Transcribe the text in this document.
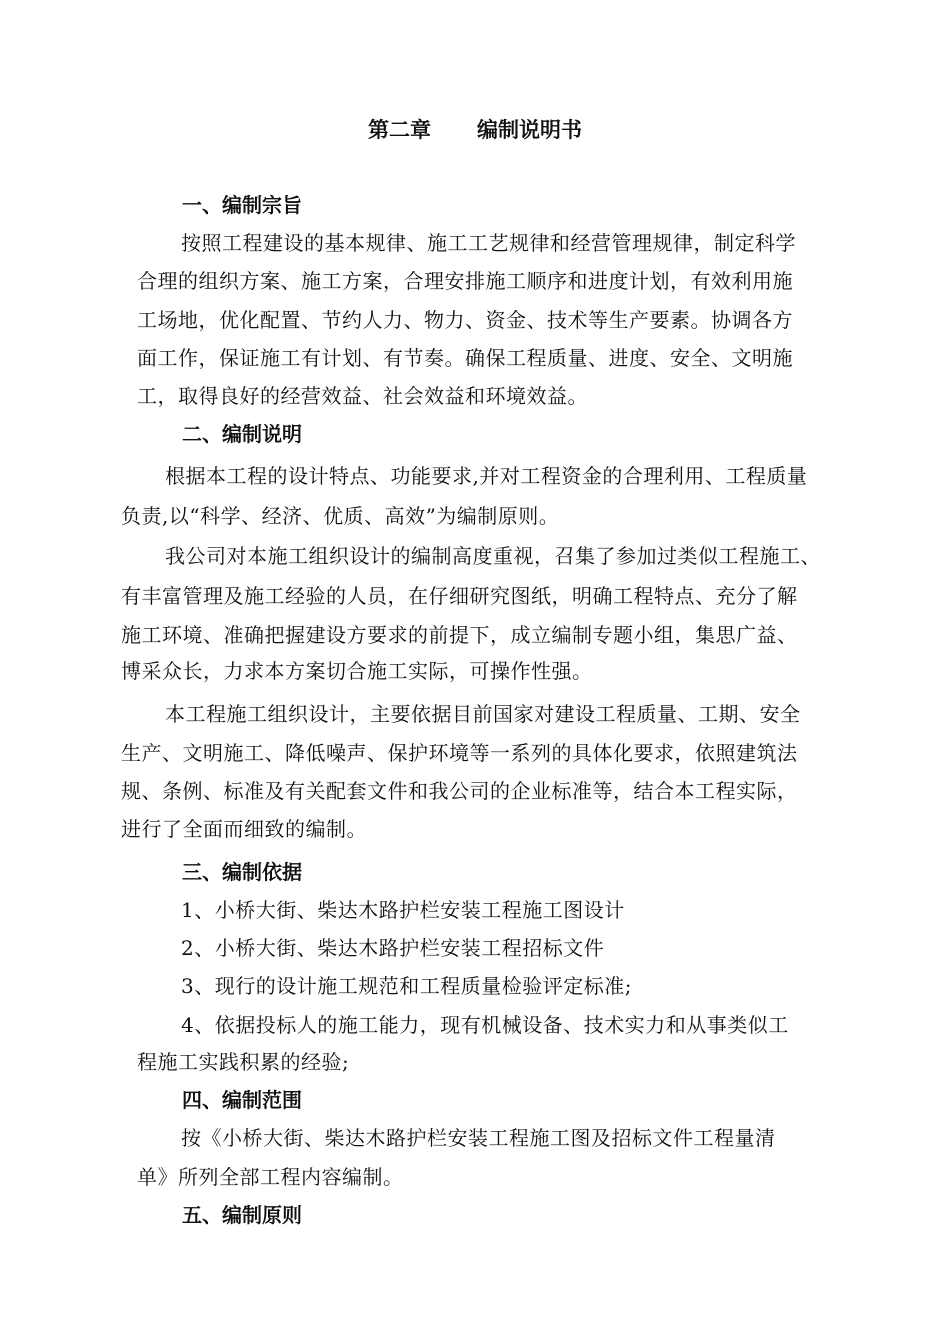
第二章 编制说明书
一、编制宗旨
按照工程建设的基本规律、施工工艺规律和经营管理规律，制定科学
合理的组织方案、施工方案，合理安排施工顺序和进度计划，有效利用施
工场地，优化配置、节约人力、物力、资金、技术等生产要素。协调各方
面工作，保证施工有计划、有节奏。确保工程质量、进度、安全、文明施
工，取得良好的经营效益、社会效益和环境效益。
二、编制说明
根据本工程的设计特点、功能要求,并对工程资金的合理利用、工程质量
负责,以“科学、经济、优质、高效”为编制原则。
我公司对本施工组织设计的编制高度重视，召集了参加过类似工程施工、
有丰富管理及施工经验的人员，在仔细研究图纸，明确工程特点、充分了解
施工环境、准确把握建设方要求的前提下，成立编制专题小组，集思广益、
博采众长，力求本方案切合施工实际，可操作性强。
本工程施工组织设计，主要依据目前国家对建设工程质量、工期、安全
生产、文明施工、降低噪声、保护环境等一系列的具体化要求，依照建筑法
规、条例、标准及有关配套文件和我公司的企业标准等，结合本工程实际，
进行了全面而细致的编制。
三、编制依据
1、小桥大街、柴达木路护栏安装工程施工图设计
2、小桥大街、柴达木路护栏安装工程招标文件
3、现行的设计施工规范和工程质量检验评定标准;
4、依据投标人的施工能力，现有机械设备、技术实力和从事类似工
程施工实践积累的经验;
四、编制范围
按《小桥大街、柴达木路护栏安装工程施工图及招标文件工程量清
单》所列全部工程内容编制。
五、编制原则
